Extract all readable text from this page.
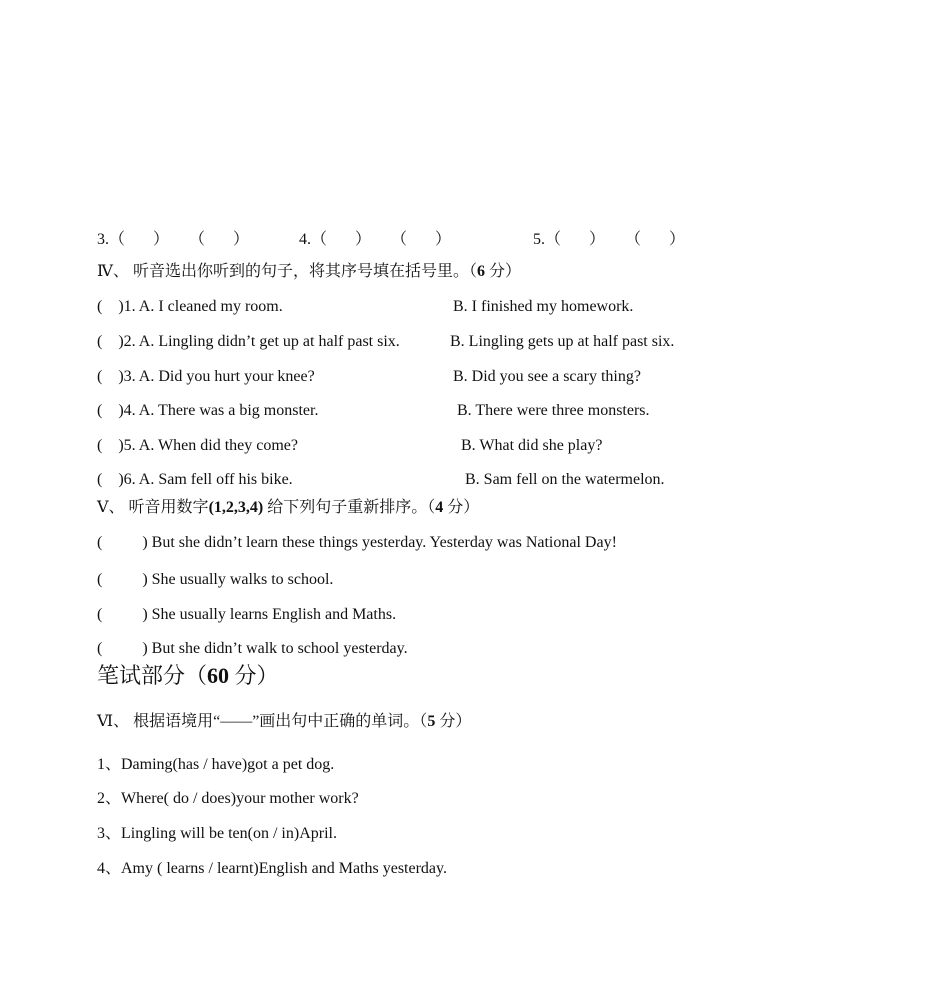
3.（       ）     （       ）	4.（       ）     （       ）	5.（       ）     （       ）
Ⅳ、 听音选出你听到的句子，将其序号填在括号里。（6 分）
(    )1. A. I cleaned my room.	B. I finished my homework.
(    )2. A. Lingling didn’t get up at half past six.	B. Lingling gets up at half past six.
(    )3. A. Did you hurt your knee?	B. Did you see a scary thing?
(    )4. A. There was a big monster.	B. There were three monsters.
(    )5. A. When did they come?	B. What did she play?
(    )6. A. Sam fell off his bike.	B. Sam fell on the watermelon.
Ⅴ、 听音用数字(1,2,3,4) 给下列句子重新排序。（4 分）
(          ) But she didn’t learn these things yesterday. Yesterday was National Day!
(          ) She usually walks to school.
(          ) She usually learns English and Maths.
(          ) But she didn’t walk to school yesterday.
笔试部分（60 分）
Ⅵ、 根据语境用“——”画出句中正确的单词。（5 分）
1、Daming(has / have)got a pet dog.
2、Where( do / does)your mother work?
3、Lingling will be ten(on / in)April.
4、Amy ( learns / learnt)English and Maths yesterday.
